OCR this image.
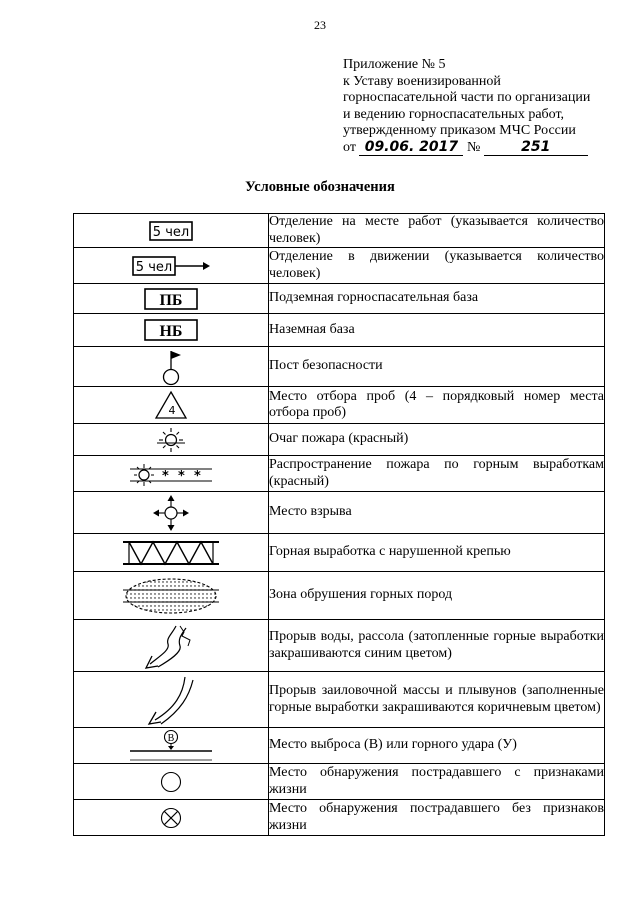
23
Приложение № 5
к Уставу военизированной
горноспасательной части по организации
и ведению горноспасательных работ,
утвержденному приказом МЧС России
от 09.06. 2017 №	251
Условные обозначения
5 чел	Отделение на месте работ (указывается количество человек)

5 чел	Отделение в движении (указывается количество человек)

ПБ	Подземная горноспасательная база

НБ	Наземная база

	Пост безопасности

4	Место отбора проб (4 – порядковый номер места отбора проб)

	Очаг пожара (красный)

* * *	Распространение пожара по горным выработкам (красный)

	Место взрыва

	Горная выработка с нарушенной крепью

	Зона обрушения горных пород

	Прорыв воды, рассола (затопленные горные выработки закрашиваются синим цветом)

	Прорыв заиловочной массы и плывунов (заполненные горные выработки закрашиваются коричневым цветом)

В	Место выброса (В) или горного удара (У)

	Место обнаружения пострадавшего с признаками жизни

	Место обнаружения пострадавшего без признаков жизни
